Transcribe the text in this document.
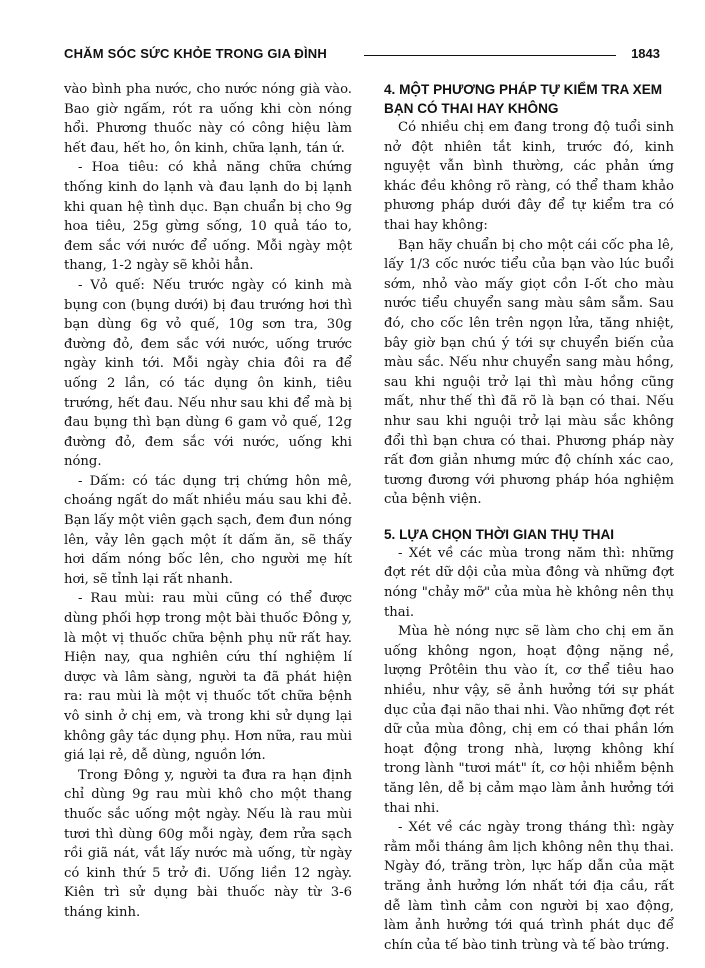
CHĂM SÓC SỨC KHỎE TRONG GIA ĐÌNH	1843

vào bình pha nước, cho nước nóng già vào. Bao giờ ngấm, rót ra uống khi còn nóng hổi. Phương thuốc này có công hiệu làm hết đau, hết ho, ôn kinh, chữa lạnh, tán ứ.

- Hoa tiêu: có khả năng chữa chứng thống kinh do lạnh và đau lạnh do bị lạnh khi quan hệ tình dục. Bạn chuẩn bị cho 9g hoa tiêu, 25g gừng sống, 10 quả táo to, đem sắc với nước để uống. Mỗi ngày một thang, 1-2 ngày sẽ khỏi hẳn.

- Vỏ quế: Nếu trước ngày có kinh mà bụng con (bụng dưới) bị đau trướng hơi thì bạn dùng 6g vỏ quế, 10g sơn tra, 30g đường đỏ, đem sắc với nước, uống trước ngày kinh tới. Mỗi ngày chia đôi ra để uống 2 lần, có tác dụng ôn kinh, tiêu trướng, hết đau. Nếu như sau khi để mà bị đau bụng thì bạn dùng 6 gam vỏ quế, 12g đường đỏ, đem sắc với nước, uống khi nóng.

- Dấm: có tác dụng trị chứng hôn mê, choáng ngất do mất nhiều máu sau khi đẻ. Bạn lấy một viên gạch sạch, đem đun nóng lên, vảy lên gạch một ít dấm ăn, sẽ thấy hơi dấm nóng bốc lên, cho người mẹ hít hơi, sẽ tỉnh lại rất nhanh.

- Rau mùi: rau mùi cũng có thể được dùng phối hợp trong một bài thuốc Đông y, là một vị thuốc chữa bệnh phụ nữ rất hay. Hiện nay, qua nghiên cứu thí nghiệm lí dược và lâm sàng, người ta đã phát hiện ra: rau mùi là một vị thuốc tốt chữa bệnh vô sinh ở chị em, và trong khi sử dụng lại không gây tác dụng phụ. Hơn nữa, rau mùi giá lại rẻ, dễ dùng, nguồn lớn.

Trong Đông y, người ta đưa ra hạn định chỉ dùng 9g rau mùi khô cho một thang thuốc sắc uống một ngày. Nếu là rau mùi tươi thì dùng 60g mỗi ngày, đem rửa sạch rồi giã nát, vắt lấy nước mà uống, từ ngày có kinh thứ 5 trở đi. Uống liền 12 ngày. Kiên trì sử dụng bài thuốc này từ 3-6 tháng kinh.

4. MỘT PHƯƠNG PHÁP TỰ KIỂM TRA XEM BẠN CÓ THAI HAY KHÔNG

Có nhiều chị em đang trong độ tuổi sinh nở đột nhiên tắt kinh, trước đó, kinh nguyệt vẫn bình thường, các phản ứng khác đều không rõ ràng, có thể tham khảo phương pháp dưới đây để tự kiểm tra có thai hay không:

Bạn hãy chuẩn bị cho một cái cốc pha lê, lấy 1/3 cốc nước tiểu của bạn vào lúc buổi sớm, nhỏ vào mấy giọt cồn I-ốt cho màu nước tiểu chuyển sang màu sâm sẫm. Sau đó, cho cốc lên trên ngọn lửa, tăng nhiệt, bây giờ bạn chú ý tới sự chuyển biến của màu sắc. Nếu như chuyển sang màu hồng, sau khi nguội trở lại thì màu hồng cũng mất, như thế thì đã rõ là bạn có thai. Nếu như sau khi nguội trở lại màu sắc không đổi thì bạn chưa có thai. Phương pháp này rất đơn giản nhưng mức độ chính xác cao, tương đương với phương pháp hóa nghiệm của bệnh viện.

5. LỰA CHỌN THỜI GIAN THỤ THAI

- Xét về các mùa trong năm thì: những đợt rét dữ dội của mùa đông và những đợt nóng "chảy mỡ" của mùa hè không nên thụ thai.

Mùa hè nóng nực sẽ làm cho chị em ăn uống không ngon, hoạt động nặng nề, lượng Prôtêin thu vào ít, cơ thể tiêu hao nhiều, như vậy, sẽ ảnh hưởng tới sự phát dục của đại não thai nhi. Vào những đợt rét dữ của mùa đông, chị em có thai phần lớn hoạt động trong nhà, lượng không khí trong lành "tươi mát" ít, cơ hội nhiễm bệnh tăng lên, dễ bị cảm mạo làm ảnh hưởng tới thai nhi.

- Xét về các ngày trong tháng thì: ngày rằm mỗi tháng âm lịch không nên thụ thai. Ngày đó, trăng tròn, lực hấp dẫn của mặt trăng ảnh hưởng lớn nhất tới địa cầu, rất dễ làm tình cảm con người bị xao động, làm ảnh hưởng tới quá trình phát dục để chín của tế bào tinh trùng và tế bào trứng.
